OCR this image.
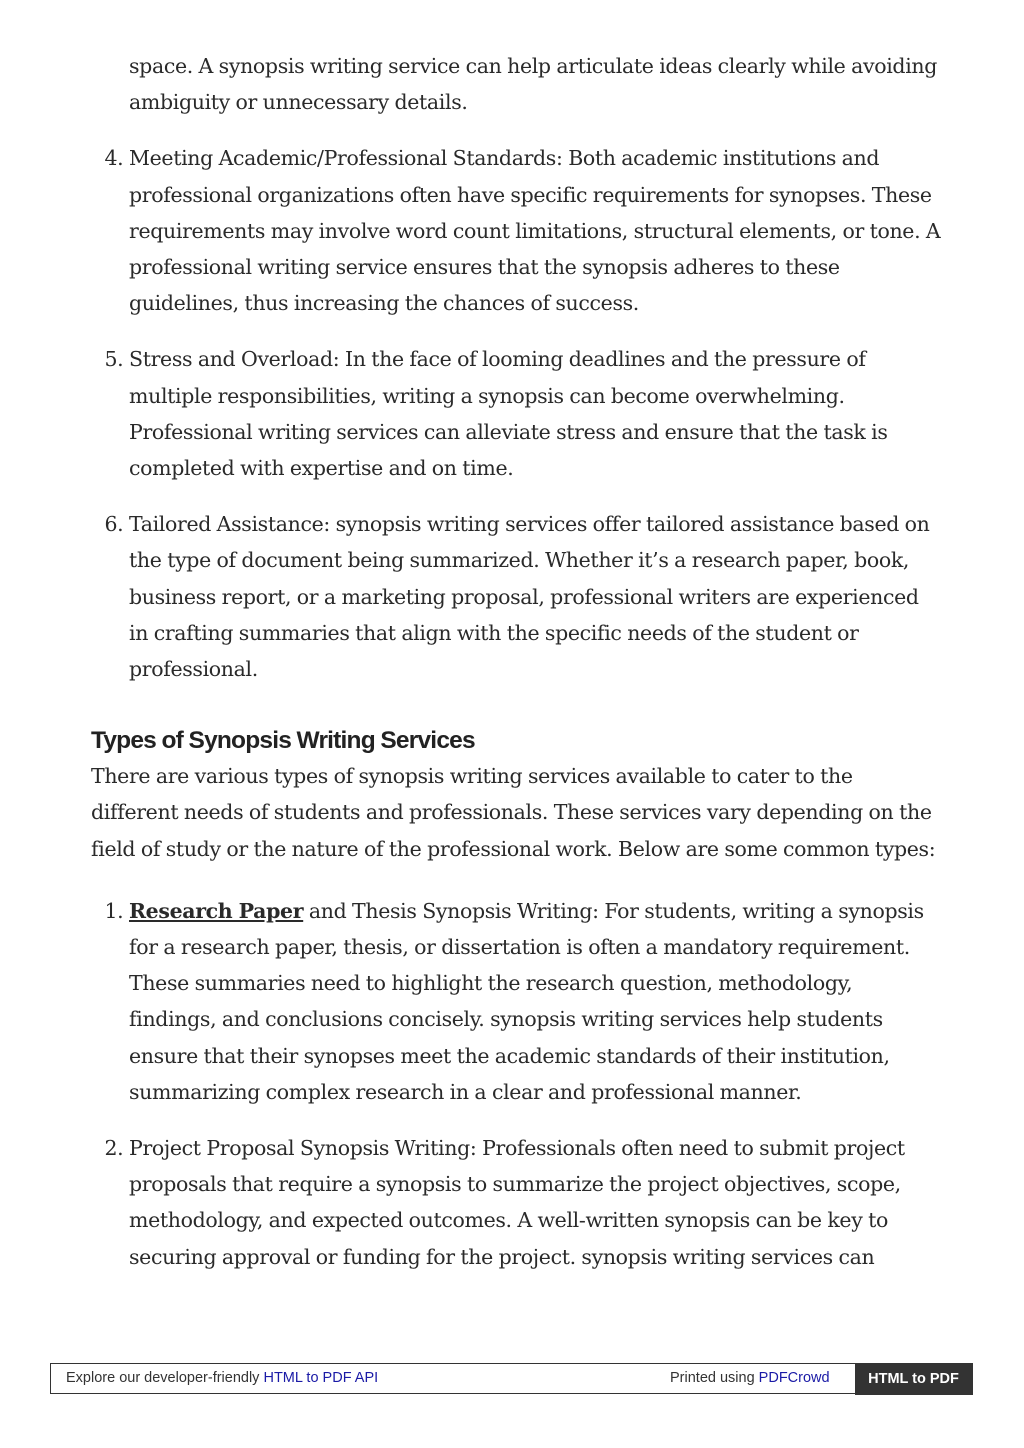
space. A synopsis writing service can help articulate ideas clearly while avoiding ambiguity or unnecessary details.

4. Meeting Academic/Professional Standards: Both academic institutions and professional organizations often have specific requirements for synopses. These requirements may involve word count limitations, structural elements, or tone. A professional writing service ensures that the synopsis adheres to these guidelines, thus increasing the chances of success.
5. Stress and Overload: In the face of looming deadlines and the pressure of multiple responsibilities, writing a synopsis can become overwhelming. Professional writing services can alleviate stress and ensure that the task is completed with expertise and on time.
6. Tailored Assistance: synopsis writing services offer tailored assistance based on the type of document being summarized. Whether it’s a research paper, book, business report, or a marketing proposal, professional writers are experienced in crafting summaries that align with the specific needs of the student or professional.
Types of Synopsis Writing Services

There are various types of synopsis writing services available to cater to the different needs of students and professionals. These services vary depending on the field of study or the nature of the professional work. Below are some common types:

1. Research Paper and Thesis Synopsis Writing: For students, writing a synopsis for a research paper, thesis, or dissertation is often a mandatory requirement. These summaries need to highlight the research question, methodology, findings, and conclusions concisely. synopsis writing services help students ensure that their synopses meet the academic standards of their institution, summarizing complex research in a clear and professional manner.
2. Project Proposal Synopsis Writing: Professionals often need to submit project proposals that require a synopsis to summarize the project objectives, scope, methodology, and expected outcomes. A well-written synopsis can be key to securing approval or funding for the project. synopsis writing services can
Explore our developer-friendly HTML to PDF API	Printed using PDFCrowd	HTML to PDF
